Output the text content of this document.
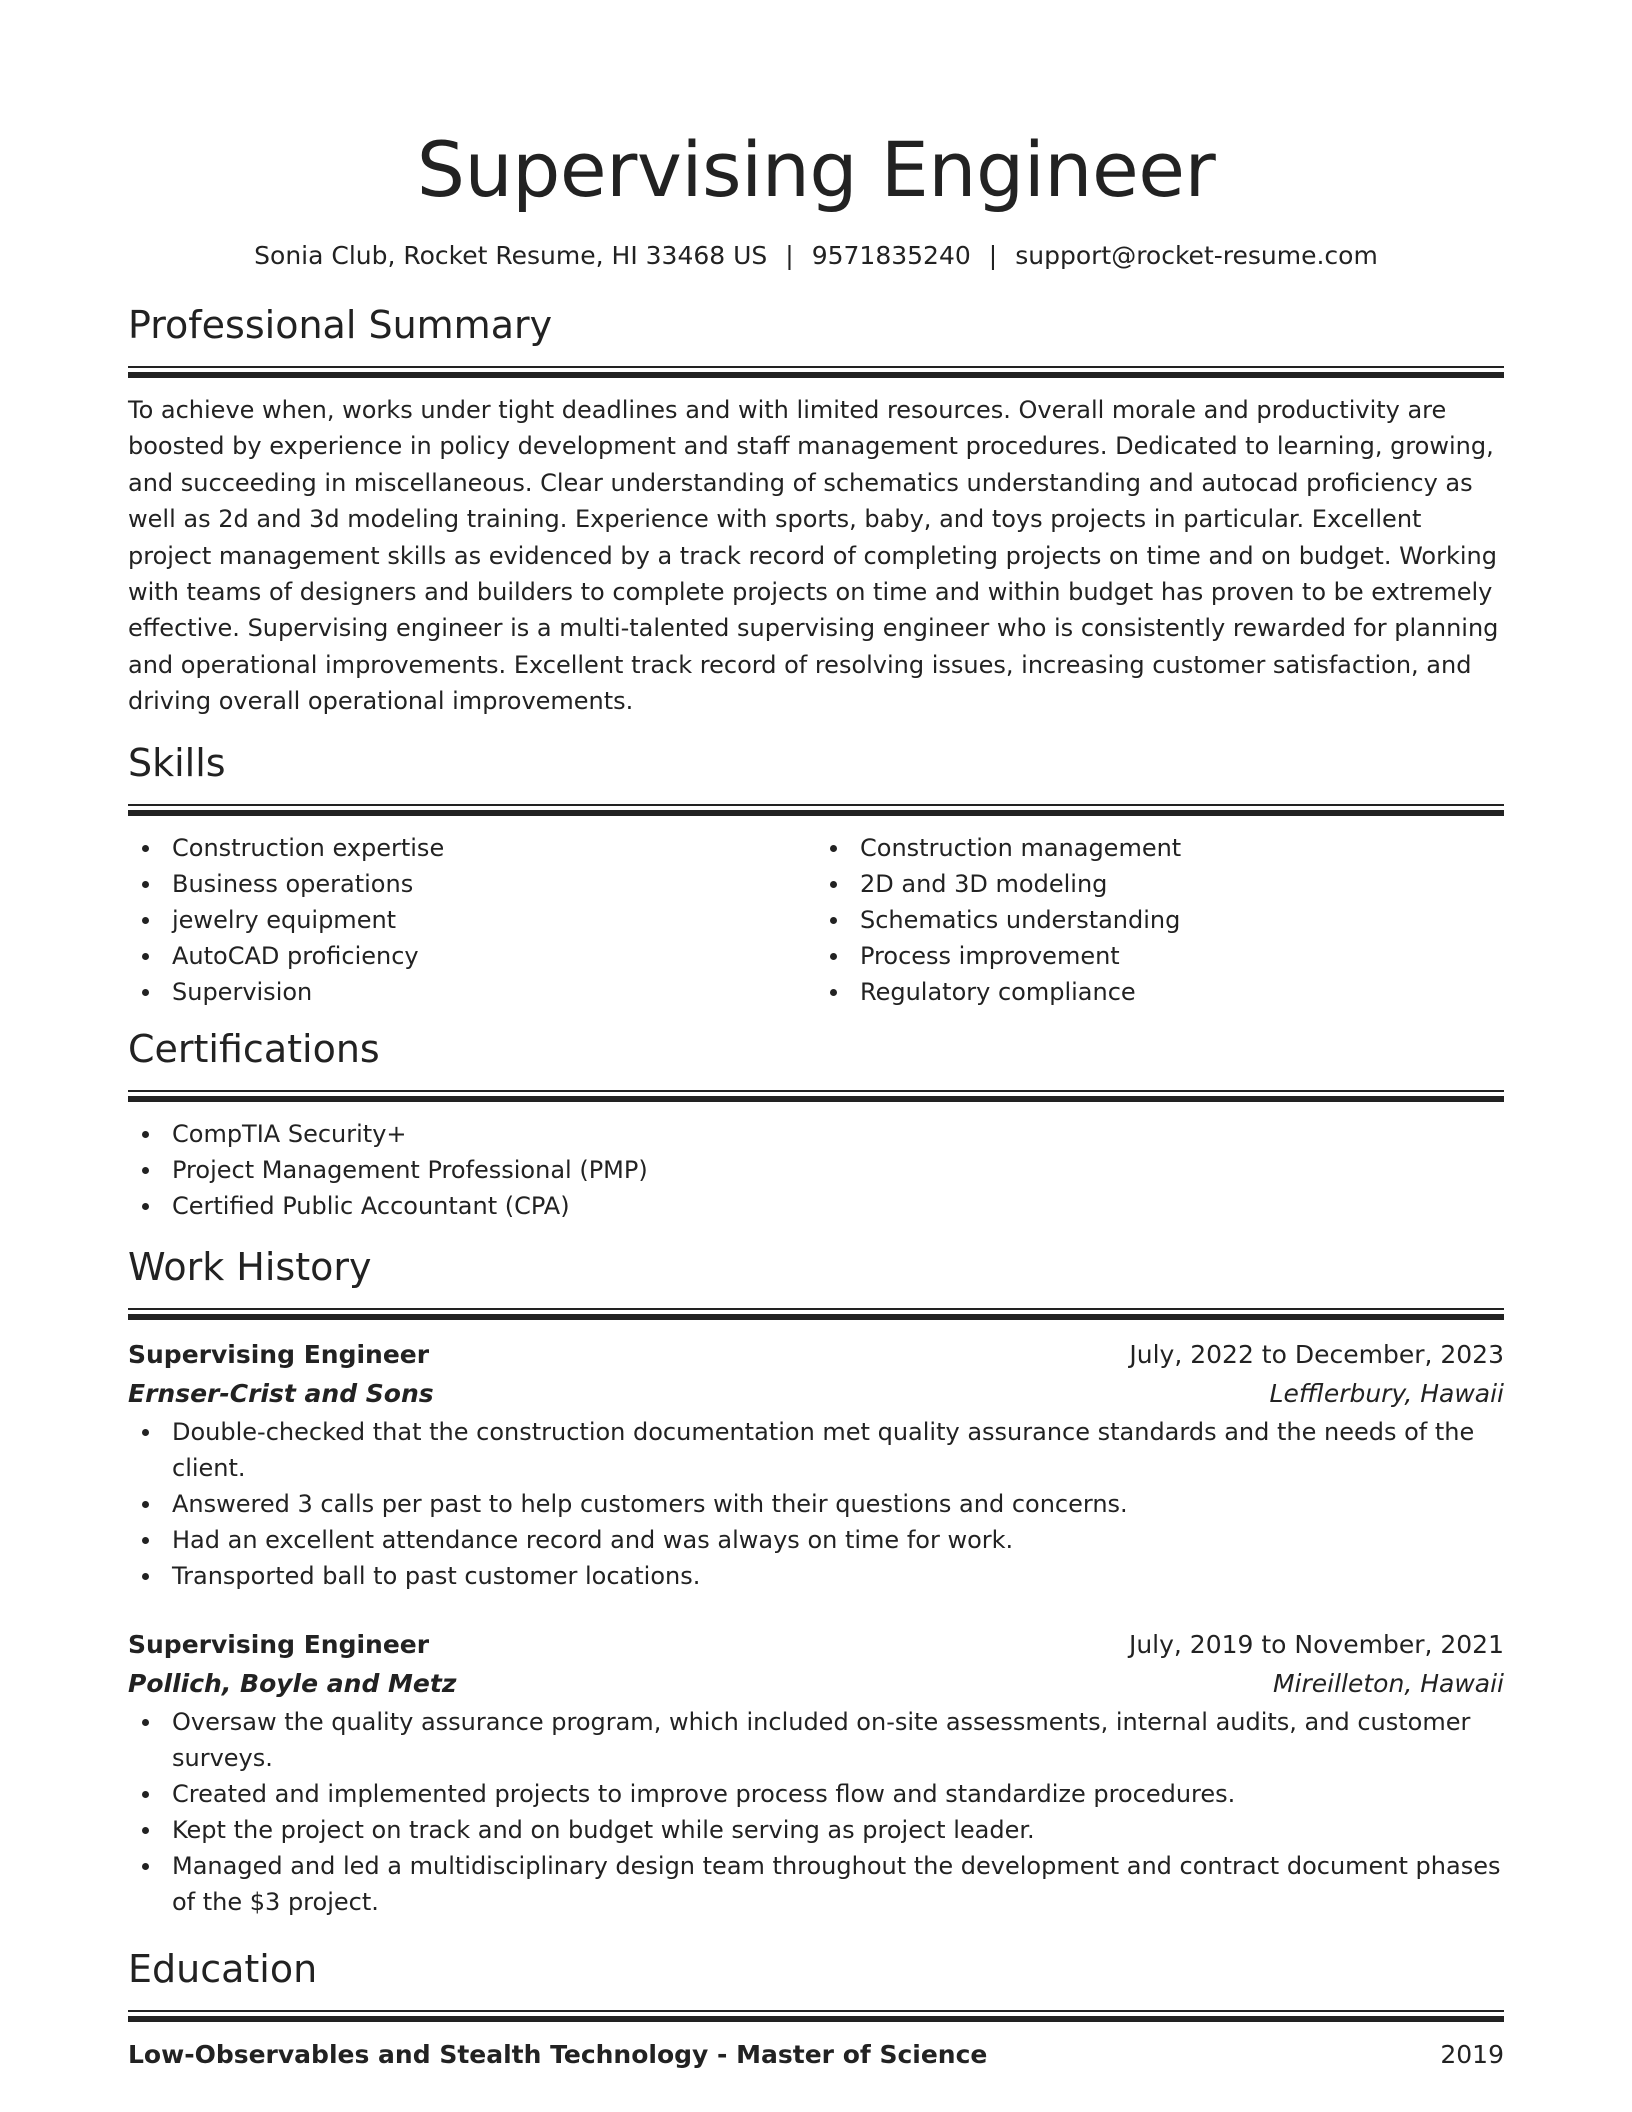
Supervising Engineer
Sonia Club, Rocket Resume, HI 33468 US | 9571835240 | support@rocket-resume.com
Professional Summary
To achieve when, works under tight deadlines and with limited resources. Overall morale and productivity are boosted by experience in policy development and staff management procedures. Dedicated to learning, growing, and succeeding in miscellaneous. Clear understanding of schematics understanding and autocad proficiency as well as 2d and 3d modeling training. Experience with sports, baby, and toys projects in particular. Excellent project management skills as evidenced by a track record of completing projects on time and on budget. Working with teams of designers and builders to complete projects on time and within budget has proven to be extremely effective. Supervising engineer is a multi-talented supervising engineer who is consistently rewarded for planning and operational improvements. Excellent track record of resolving issues, increasing customer satisfaction, and driving overall operational improvements.
Skills
Construction expertise
Business operations
jewelry equipment
AutoCAD proficiency
Supervision
Construction management
2D and 3D modeling
Schematics understanding
Process improvement
Regulatory compliance
Certifications
CompTIA Security+
Project Management Professional (PMP)
Certified Public Accountant (CPA)
Work History
Supervising Engineer	July, 2022 to December, 2023
Ernser-Crist and Sons	Lefflerbury, Hawaii
Double-checked that the construction documentation met quality assurance standards and the needs of the client.
Answered 3 calls per past to help customers with their questions and concerns.
Had an excellent attendance record and was always on time for work.
Transported ball to past customer locations.
Supervising Engineer	July, 2019 to November, 2021
Pollich, Boyle and Metz	Mireilleton, Hawaii
Oversaw the quality assurance program, which included on-site assessments, internal audits, and customer surveys.
Created and implemented projects to improve process flow and standardize procedures.
Kept the project on track and on budget while serving as project leader.
Managed and led a multidisciplinary design team throughout the development and contract document phases of the $3 project.
Education
Low-Observables and Stealth Technology - Master of Science	2019
